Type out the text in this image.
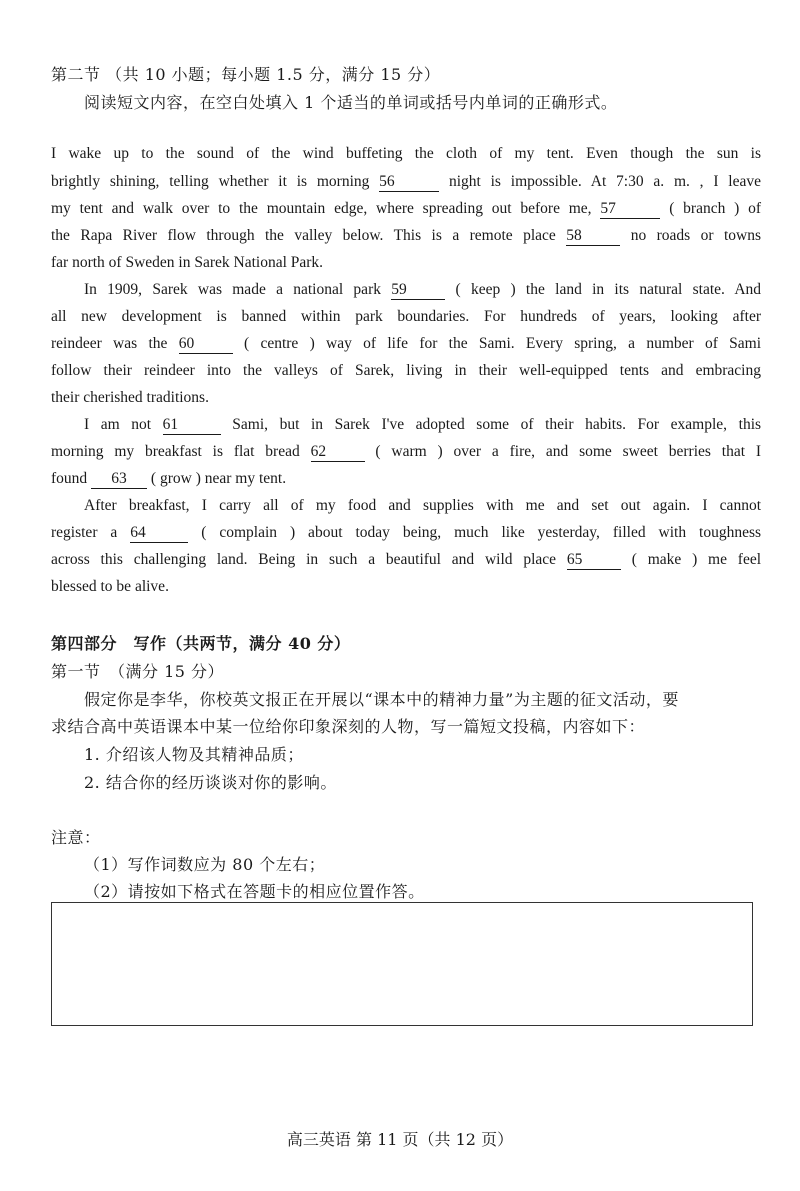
第二节 （共 10 小题；每小题 1.5 分，满分 15 分）
阅读短文内容，在空白处填入 1 个适当的单词或括号内单词的正确形式。
I wake up to the sound of the wind buffeting the cloth of my tent. Even though the sun is
brightly shining, telling whether it is morning 56	night is impossible. At 7:30 a. m. , I leave
my tent and walk over to the mountain edge, where spreading out before me, 57	( branch ) of
the Rapa River flow through the valley below. This is a remote place 58	no roads or towns
far north of Sweden in Sarek National Park.
In 1909, Sarek was made a national park 59	( keep ) the land in its natural state. And
all new development is banned within park boundaries. For hundreds of years, looking after
reindeer was the 60	( centre ) way of life for the Sami. Every spring, a number of Sami
follow their reindeer into the valleys of Sarek, living in their well-equipped tents and embracing
their cherished traditions.
I am not 61	Sami, but in Sarek I've adopted some of their habits. For example, this
morning my breakfast is flat bread 62	( warm ) over a fire, and some sweet berries that I
found 63 ( grow ) near my tent.
After breakfast, I carry all of my food and supplies with me and set out again. I cannot
register a 64	( complain ) about today being, much like yesterday, filled with toughness
across this challenging land. Being in such a beautiful and wild place 65	( make ) me feel
blessed to be alive.
第四部分　写作（共两节，满分 40 分）
第一节　（满分 15 分）
假定你是李华，你校英文报正在开展以“课本中的精神力量”为主题的征文活动，要
求结合高中英语课本中某一位给你印象深刻的人物，写一篇短文投稿，内容如下：
1. 介绍该人物及其精神品质；
2. 结合你的经历谈谈对你的影响。
注意：
（1）写作词数应为 80 个左右；
（2）请按如下格式在答题卡的相应位置作答。
高三英语 第 11 页（共 12 页）
